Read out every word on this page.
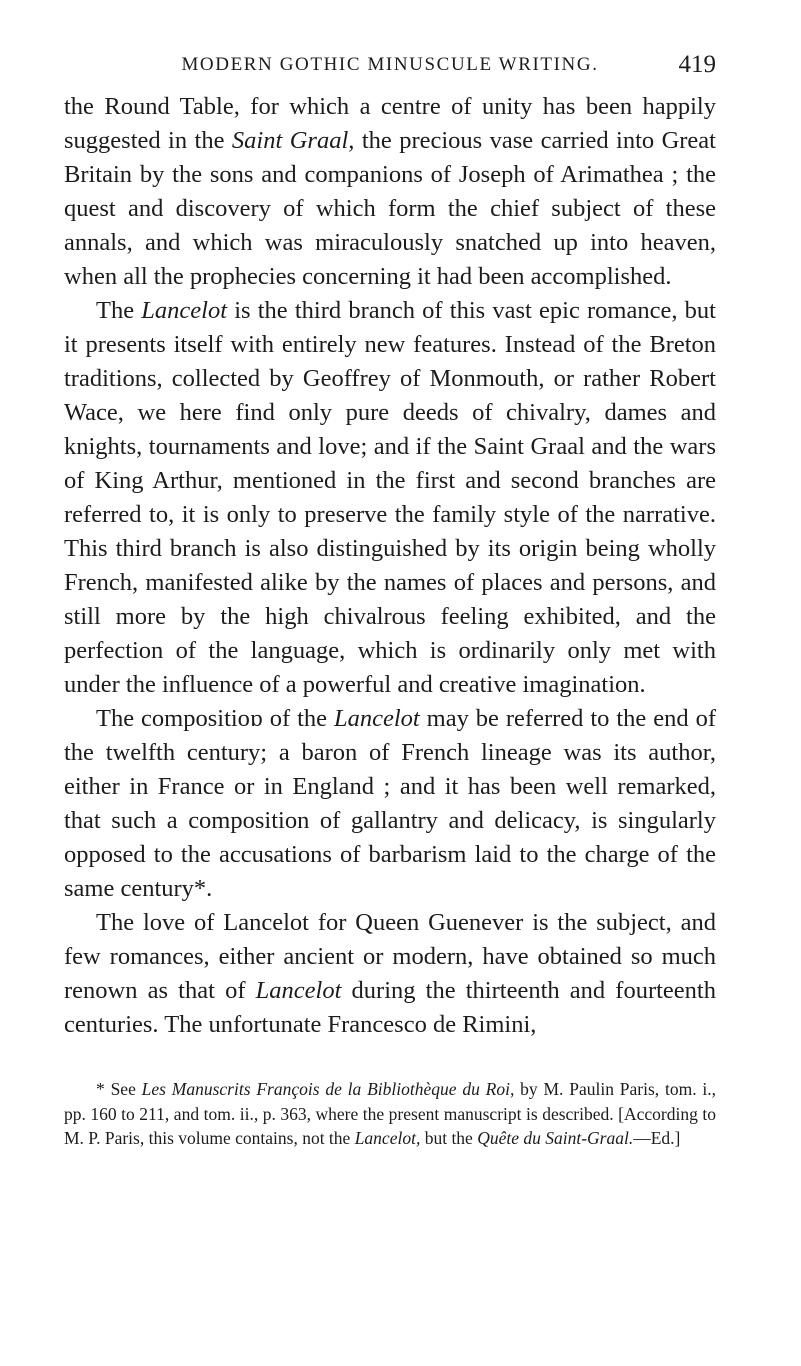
MODERN GOTHIC MINUSCULE WRITING.	419

the Round Table, for which a centre of unity has been happily suggested in the Saint Graal, the precious vase carried into Great Britain by the sons and companions of Joseph of Arimathea ; the quest and discovery of which form the chief subject of these annals, and which was miraculously snatched up into heaven, when all the prophecies concerning it had been accomplished.

The Lancelot is the third branch of this vast epic romance, but it presents itself with entirely new features. Instead of the Breton traditions, collected by Geoffrey of Monmouth, or rather Robert Wace, we here find only pure deeds of chivalry, dames and knights, tournaments and love; and if the Saint Graal and the wars of King Arthur, mentioned in the first and second branches are referred to, it is only to preserve the family style of the narrative. This third branch is also distinguished by its origin being wholly French, manifested alike by the names of places and persons, and still more by the high chivalrous feeling exhibited, and the perfection of the language, which is ordinarily only met with under the influence of a powerful and creative imagination.

The compositioɒ of the Lancelot may be referred to the end of the twelfth century; a baron of French lineage was its author, either in France or in England ; and it has been well remarked, that such a composition of gallantry and delicacy, is singularly opposed to the accusations of barbarism laid to the charge of the same century*.

The love of Lancelot for Queen Guenever is the subject, and few romances, either ancient or modern, have obtained so much renown as that of Lancelot during the thirteenth and fourteenth centuries. The unfortunate Francesco de Rimini,

* See Les Manuscrits François de la Bibliothèque du Roi, by M. Paulin Paris, tom. i., pp. 160 to 211, and tom. ii., p. 363, where the present manuscript is described. [According to M. P. Paris, this volume contains, not the Lancelot, but the Quête du Saint-Graal.—Ed.]
